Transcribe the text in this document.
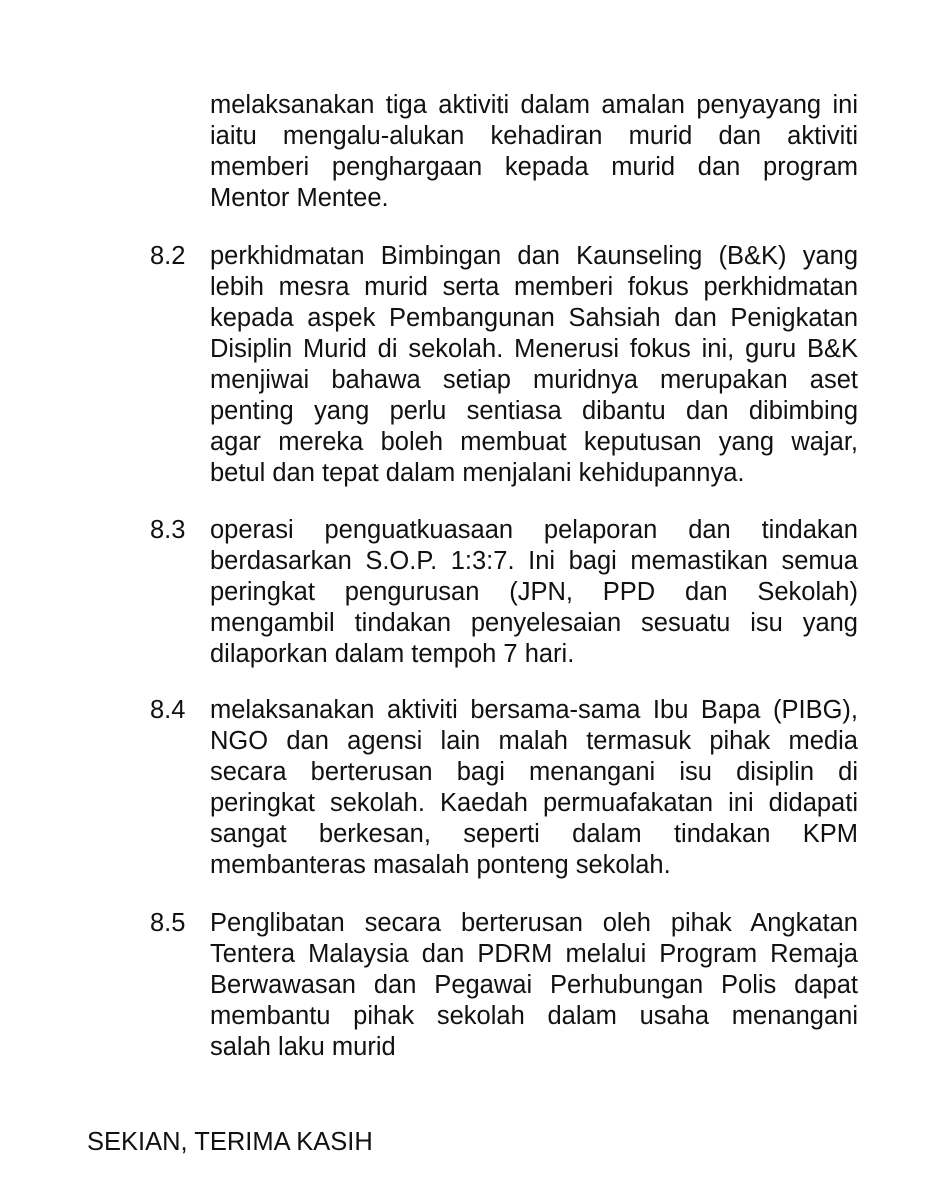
melaksanakan tiga aktiviti dalam amalan penyayang ini
iaitu mengalu-alukan kehadiran murid dan aktiviti
memberi penghargaan kepada murid dan program
Mentor Mentee.

8.2 perkhidmatan Bimbingan dan Kaunseling (B&K) yang
lebih mesra murid serta memberi fokus perkhidmatan
kepada aspek Pembangunan Sahsiah dan Penigkatan
Disiplin Murid di sekolah. Menerusi fokus ini, guru B&K
menjiwai bahawa setiap muridnya merupakan aset
penting yang perlu sentiasa dibantu dan dibimbing
agar mereka boleh membuat keputusan yang wajar,
betul dan tepat dalam menjalani kehidupannya.

8.3 operasi penguatkuasaan pelaporan dan tindakan
berdasarkan S.O.P. 1:3:7. Ini bagi memastikan semua
peringkat pengurusan (JPN, PPD dan Sekolah)
mengambil tindakan penyelesaian sesuatu isu yang
dilaporkan dalam tempoh 7 hari.

8.4 melaksanakan aktiviti bersama-sama Ibu Bapa (PIBG),
NGO dan agensi lain malah termasuk pihak media
secara berterusan bagi menangani isu disiplin di
peringkat sekolah. Kaedah permuafakatan ini didapati
sangat berkesan, seperti dalam tindakan KPM
membanteras masalah ponteng sekolah.

8.5 Penglibatan secara berterusan oleh pihak Angkatan
Tentera Malaysia dan PDRM melalui Program Remaja
Berwawasan dan Pegawai Perhubungan Polis dapat
membantu pihak sekolah dalam usaha menangani
salah laku murid

SEKIAN, TERIMA KASIH
